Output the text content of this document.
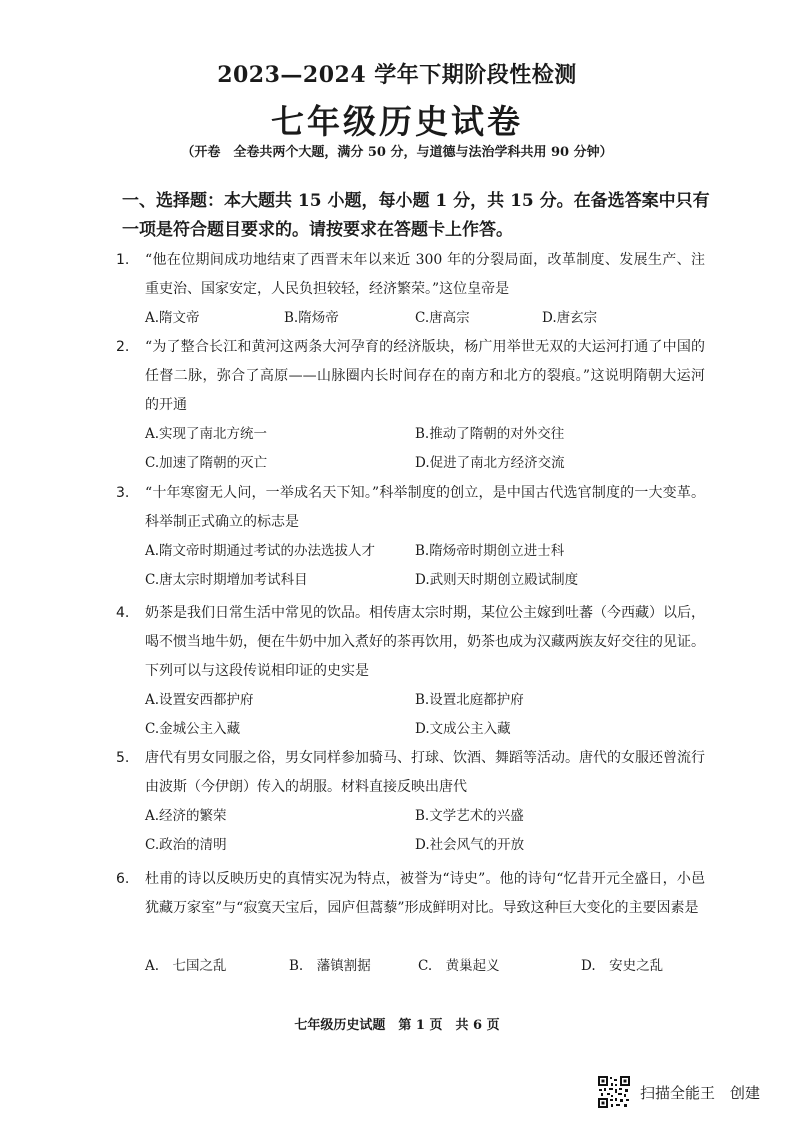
2023—2024 学年下期阶段性检测
七年级历史试卷
（开卷　全卷共两个大题，满分 50 分，与道德与法治学科共用 90 分钟）
一、选择题：本大题共 15 小题，每小题 1 分，共 15 分。在备选答案中只有一项是符合题目要求的。请按要求在答题卡上作答。
1. “他在位期间成功地结束了西晋末年以来近 300 年的分裂局面，改革制度、发展生产、注重吏治、国家安定，人民负担较轻，经济繁荣。”这位皇帝是
A.隋文帝	B.隋炀帝	C.唐高宗	D.唐玄宗
2. “为了整合长江和黄河这两条大河孕育的经济版块，杨广用举世无双的大运河打通了中国的任督二脉，弥合了高原——山脉圈内长时间存在的南方和北方的裂痕。”这说明隋朝大运河的开通
A.实现了南北方统一	B.推动了隋朝的对外交往
C.加速了隋朝的灭亡	D.促进了南北方经济交流
3. “十年寒窗无人问，一举成名天下知。”科举制度的创立，是中国古代选官制度的一大变革。科举制正式确立的标志是
A.隋文帝时期通过考试的办法选拔人才	B.隋炀帝时期创立进士科
C.唐太宗时期增加考试科目	D.武则天时期创立殿试制度
4. 奶茶是我们日常生活中常见的饮品。相传唐太宗时期，某位公主嫁到吐蕃（今西藏）以后，喝不惯当地牛奶，便在牛奶中加入煮好的茶再饮用，奶茶也成为汉藏两族友好交往的见证。下列可以与这段传说相印证的史实是
A.设置安西都护府	B.设置北庭都护府
C.金城公主入藏	D.文成公主入藏
5. 唐代有男女同服之俗，男女同样参加骑马、打球、饮酒、舞蹈等活动。唐代的女服还曾流行由波斯（今伊朗）传入的胡服。材料直接反映出唐代
A.经济的繁荣	B.文学艺术的兴盛
C.政治的清明	D.社会风气的开放
6. 杜甫的诗以反映历史的真情实况为特点，被誉为“诗史”。他的诗句“忆昔开元全盛日，小邑犹藏万家室”与“寂寞天宝后，园庐但蒿藜”形成鲜明对比。导致这种巨大变化的主要因素是
A.　七国之乱	B.　藩镇割据	C.　黄巢起义	D.　安史之乱
七年级历史试题　第 1 页　共 6 页
扫描全能王　创建
